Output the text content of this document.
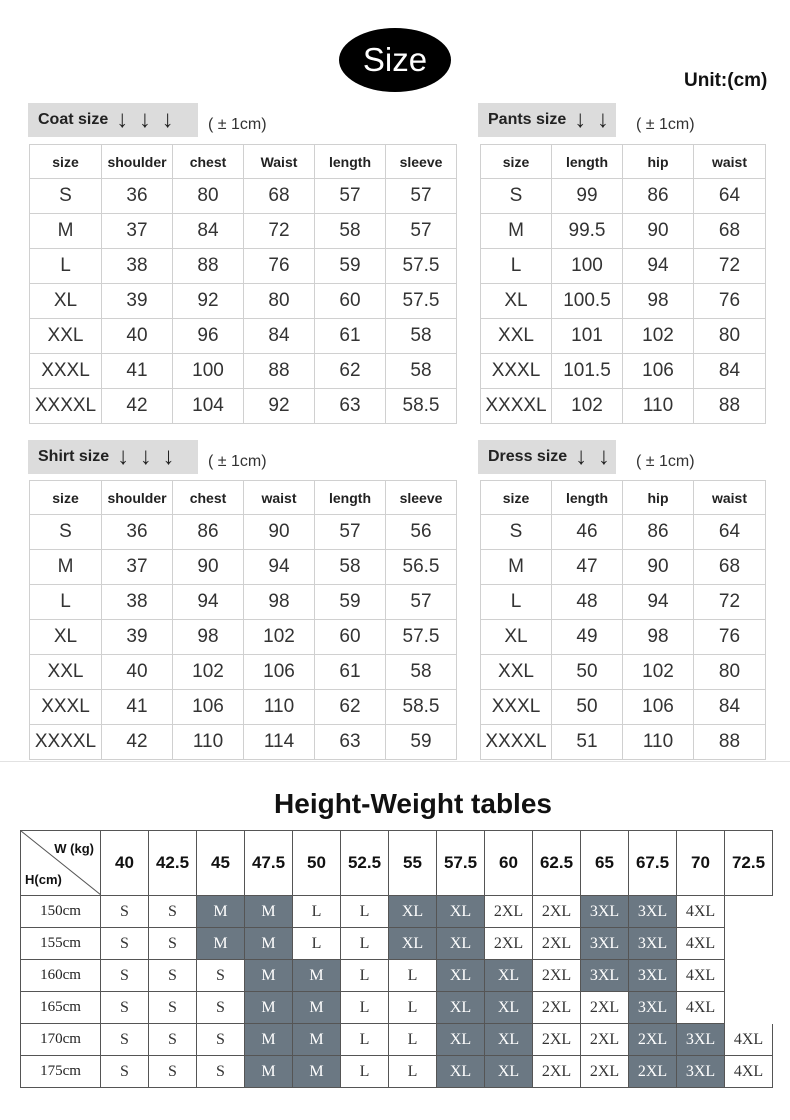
Size
Unit:(cm)
Coat size ↓ ↓ ↓ ( ± 1cm)
size	shoulder	chest	Waist	length	sleeve
S	36	80	68	57	57
M	37	84	72	58	57
L	38	88	76	59	57.5
XL	39	92	80	60	57.5
XXL	40	96	84	61	58
XXXL	41	100	88	62	58
XXXXL	42	104	92	63	58.5
Pants size ↓ ↓ ( ± 1cm)
size	length	hip	waist
S	99	86	64
M	99.5	90	68
L	100	94	72
XL	100.5	98	76
XXL	101	102	80
XXXL	101.5	106	84
XXXXL	102	110	88
Shirt size ↓ ↓ ↓ ( ± 1cm)
size	shoulder	chest	waist	length	sleeve
S	36	86	90	57	56
M	37	90	94	58	56.5
L	38	94	98	59	57
XL	39	98	102	60	57.5
XXL	40	102	106	61	58
XXXL	41	106	110	62	58.5
XXXXL	42	110	114	63	59
Dress size ↓ ↓ ( ± 1cm)
size	length	hip	waist
S	46	86	64
M	47	90	68
L	48	94	72
XL	49	98	76
XXL	50	102	80
XXXL	50	106	84
XXXXL	51	110	88
Height-Weight tables
W (kg)
H(cm)	40	42.5	45	47.5	50	52.5	55	57.5	60	62.5	65	67.5	70	72.5
150cm	S	S	M	M	L	L	XL	XL	2XL	2XL	3XL	3XL	4XL	
155cm	S	S	M	M	L	L	XL	XL	2XL	2XL	3XL	3XL	4XL	
160cm	S	S	S	M	M	L	L	XL	XL	2XL	3XL	3XL	4XL	
165cm	S	S	S	M	M	L	L	XL	XL	2XL	2XL	3XL	4XL	
170cm	S	S	S	M	M	L	L	XL	XL	2XL	2XL	2XL	3XL	4XL
175cm	S	S	S	M	M	L	L	XL	XL	2XL	2XL	2XL	3XL	4XL
